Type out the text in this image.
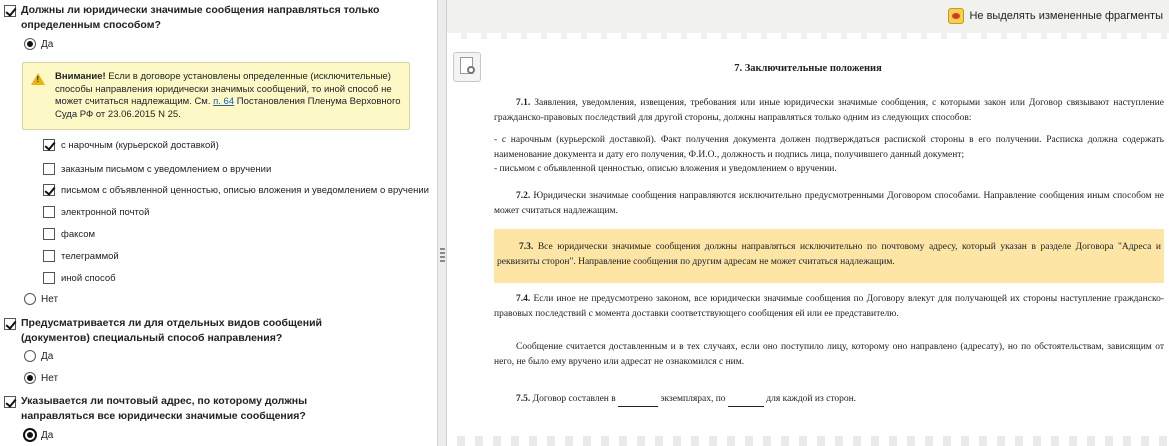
Должны ли юридически значимые сообщения направляться только определенным способом?
Да
! Внимание! Если в договоре установлены определенные (исключительные) способы направления юридически значимых сообщений, то иной способ не может считаться надлежащим. См. п. 64 Постановления Пленума Верховного Суда РФ от 23.06.2015 N 25.
с нарочным (курьерской доставкой)
заказным письмом с уведомлением о вручении
письмом с объявленной ценностью, описью вложения и уведомлением о вручении
электронной почтой
факсом
телеграммой
иной способ
Нет
Предусматривается ли для отдельных видов сообщений (документов) специальный способ направления?
Да
Нет
Указывается ли почтовый адрес, по которому должны направляться все юридически значимые сообщения?
Да
Не выделять измененные фрагменты
7. Заключительные положения
7.1. Заявления, уведомления, извещения, требования или иные юридически значимые сообщения, с которыми закон или Договор связывают наступление гражданско-правовых последствий для другой стороны, должны направляться только одним из следующих способов:
- с нарочным (курьерской доставкой). Факт получения документа должен подтверждаться распиской стороны в его получении. Расписка должна содержать наименование документа и дату его получения, Ф.И.О., должность и подпись лица, получившего данный документ;
- письмом с объявленной ценностью, описью вложения и уведомлением о вручении.
7.2. Юридически значимые сообщения направляются исключительно предусмотренными Договором способами. Направление сообщения иным способом не может считаться надлежащим.
7.3. Все юридически значимые сообщения должны направляться исключительно по почтовому адресу, который указан в разделе Договора "Адреса и реквизиты сторон". Направление сообщения по другим адресам не может считаться надлежащим.
7.4. Если иное не предусмотрено законом, все юридически значимые сообщения по Договору влекут для получающей их стороны наступление гражданско-правовых последствий с момента доставки соответствующего сообщения ей или ее представителю.
Сообщение считается доставленным и в тех случаях, если оно поступило лицу, которому оно направлено (адресату), но по обстоятельствам, зависящим от него, не было ему вручено или адресат не ознакомился с ним.
7.5. Договор составлен в	экземплярах, по	для каждой из сторон.
